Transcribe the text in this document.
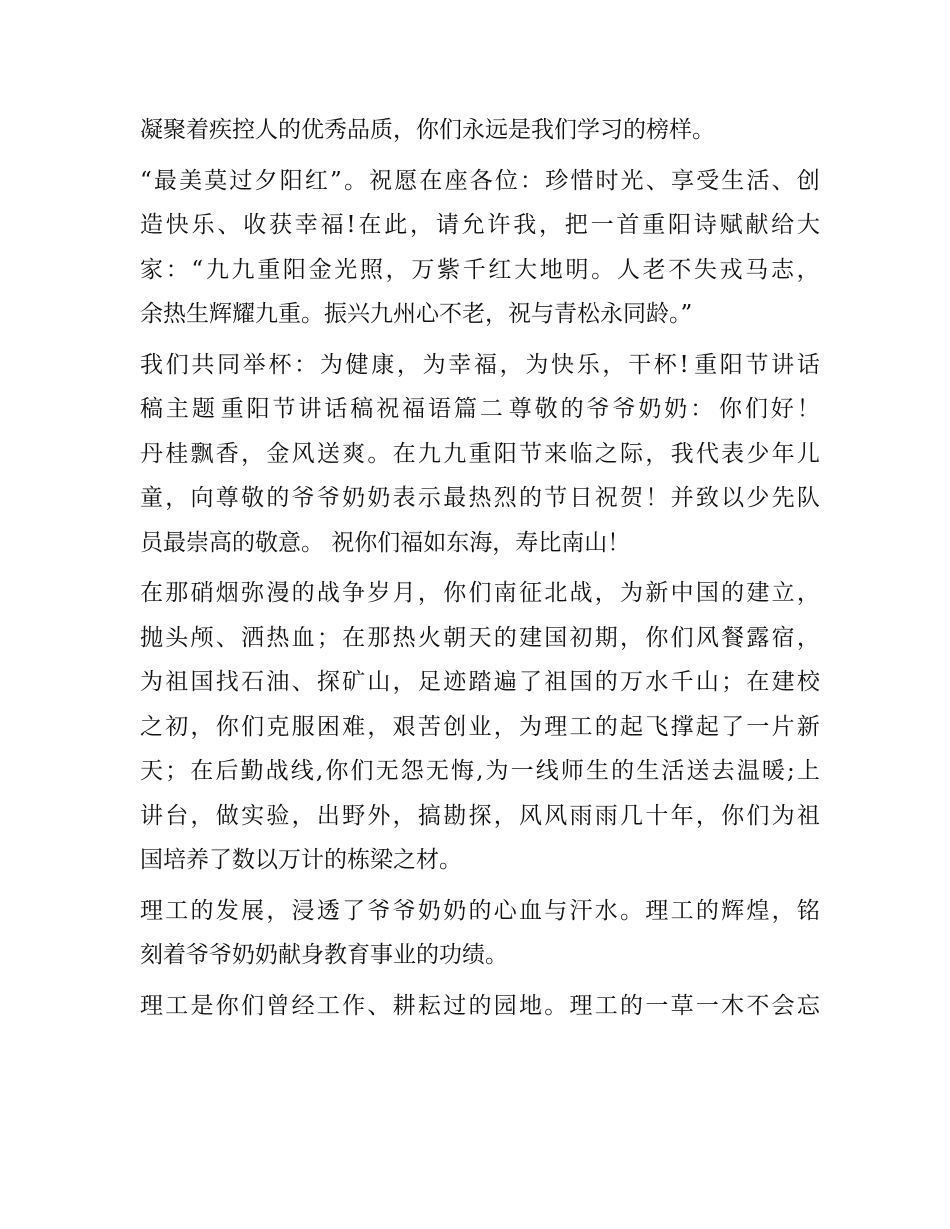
凝聚着疾控人的优秀品质，你们永远是我们学习的榜样。
“ 最 美 莫 过 夕 阳 红 ” 。 祝 愿 在 座 各 位 ： 珍 惜 时 光 、 享 受 生 活 、 创
造 快 乐 、 收 获 幸 福 ! 在 此 ， 请 允 许 我 ， 把 一 首 重 阳 诗 赋 献 给 大
家 ： “ 九 九 重 阳 金 光 照 ， 万 紫 千 红 大 地 明 。 人 老 不 失 戎 马 志 ，
余热生辉耀九重。振兴九州心不老，祝与青松永同龄。”
我 们 共 同 举 杯 ： 为 健 康 ， 为 幸 福 ， 为 快 乐 ， 干 杯 ! 重 阳 节 讲 话
稿 主 题 重 阳 节 讲 话 稿 祝 福 语 篇 二 尊 敬 的 爷 爷 奶 奶 ： 你 们 好 ！
丹 桂 飘 香 ， 金 风 送 爽 。 在 九 九 重 阳 节 来 临 之 际 ， 我 代 表 少 年 儿
童 ， 向 尊 敬 的 爷 爷 奶 奶 表 示 最 热 烈 的 节 日 祝 贺 ！ 并 致 以 少 先 队
员最崇高的敬意。 祝你们福如东海，寿比南山！
在 那 硝 烟 弥 漫 的 战 争 岁 月 ， 你 们 南 征 北 战 ， 为 新 中 国 的 建 立 ，
抛 头 颅 、 洒 热 血 ； 在 那 热 火 朝 天 的 建 国 初 期 ， 你 们 风 餐 露 宿 ，
为 祖 国 找 石 油 、 探 矿 山 ， 足 迹 踏 遍 了 祖 国 的 万 水 千 山 ； 在 建 校
之 初 ， 你 们 克 服 困 难 ， 艰 苦 创 业 ， 为 理 工 的 起 飞 撑 起 了 一 片 新
天 ； 在 后 勤 战 线 , 你 们 无 怨 无 悔 , 为 一 线 师 生 的 生 活 送 去 温 暖 ; 上
讲 台 ， 做 实 验 ， 出 野 外 ， 搞 勘 探 ， 风 风 雨 雨 几 十 年 ， 你 们 为 祖
国培养了数以万计的栋梁之材。
理 工 的 发 展 ， 浸 透 了 爷 爷 奶 奶 的 心 血 与 汗 水 。 理 工 的 辉 煌 ， 铭
刻着爷爷奶奶献身教育事业的功绩。
理 工 是 你 们 曾 经 工 作 、 耕 耘 过 的 园 地 。 理 工 的 一 草 一 木 不 会 忘
